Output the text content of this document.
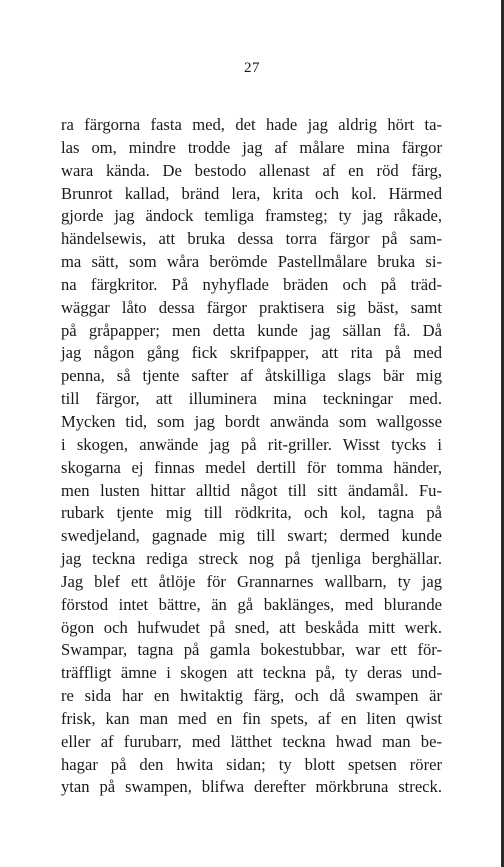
27
ra färgorna fasta med, det hade jag aldrig hört ta-
las om, mindre trodde jag af målare mina färgor
wara kända. De bestodo allenast af en röd färg,
Brunrot kallad, bränd lera, krita och kol. Härmed
gjorde jag ändock temliga framsteg; ty jag råkade,
händelsewis, att bruka dessa torra färgor på sam-
ma sätt, som wåra berömde Pastellmålare bruka si-
na färgkritor. På nyhyflade bräden och på träd-
wäggar låto dessa färgor praktisera sig bäst, samt
på gråpapper; men detta kunde jag sällan få. Då
jag någon gång fick skrifpapper, att rita på med
penna, så tjente safter af åtskilliga slags bär mig
till färgor, att illuminera mina teckningar med.
Mycken tid, som jag bordt anwända som wallgosse
i skogen, anwände jag på rit-griller. Wisst tycks i
skogarna ej finnas medel dertill för tomma händer,
men lusten hittar alltid något till sitt ändamål. Fu-
rubark tjente mig till rödkrita, och kol, tagna på
swedjeland, gagnade mig till swart; dermed kunde
jag teckna rediga streck nog på tjenliga berghällar.
Jag blef ett åtlöje för Grannarnes wallbarn, ty jag
förstod intet bättre, än gå baklänges, med blurande
ögon och hufwudet på sned, att beskåda mitt werk.
Swampar, tagna på gamla bokestubbar, war ett för-
träffligt ämne i skogen att teckna på, ty deras und-
re sida har en hwitaktig färg, och då swampen är
frisk, kan man med en fin spets, af en liten qwist
eller af furubarr, med lätthet teckna hwad man be-
hagar på den hwita sidan; ty blott spetsen rörer
ytan på swampen, blifwa derefter mörkbruna streck.
